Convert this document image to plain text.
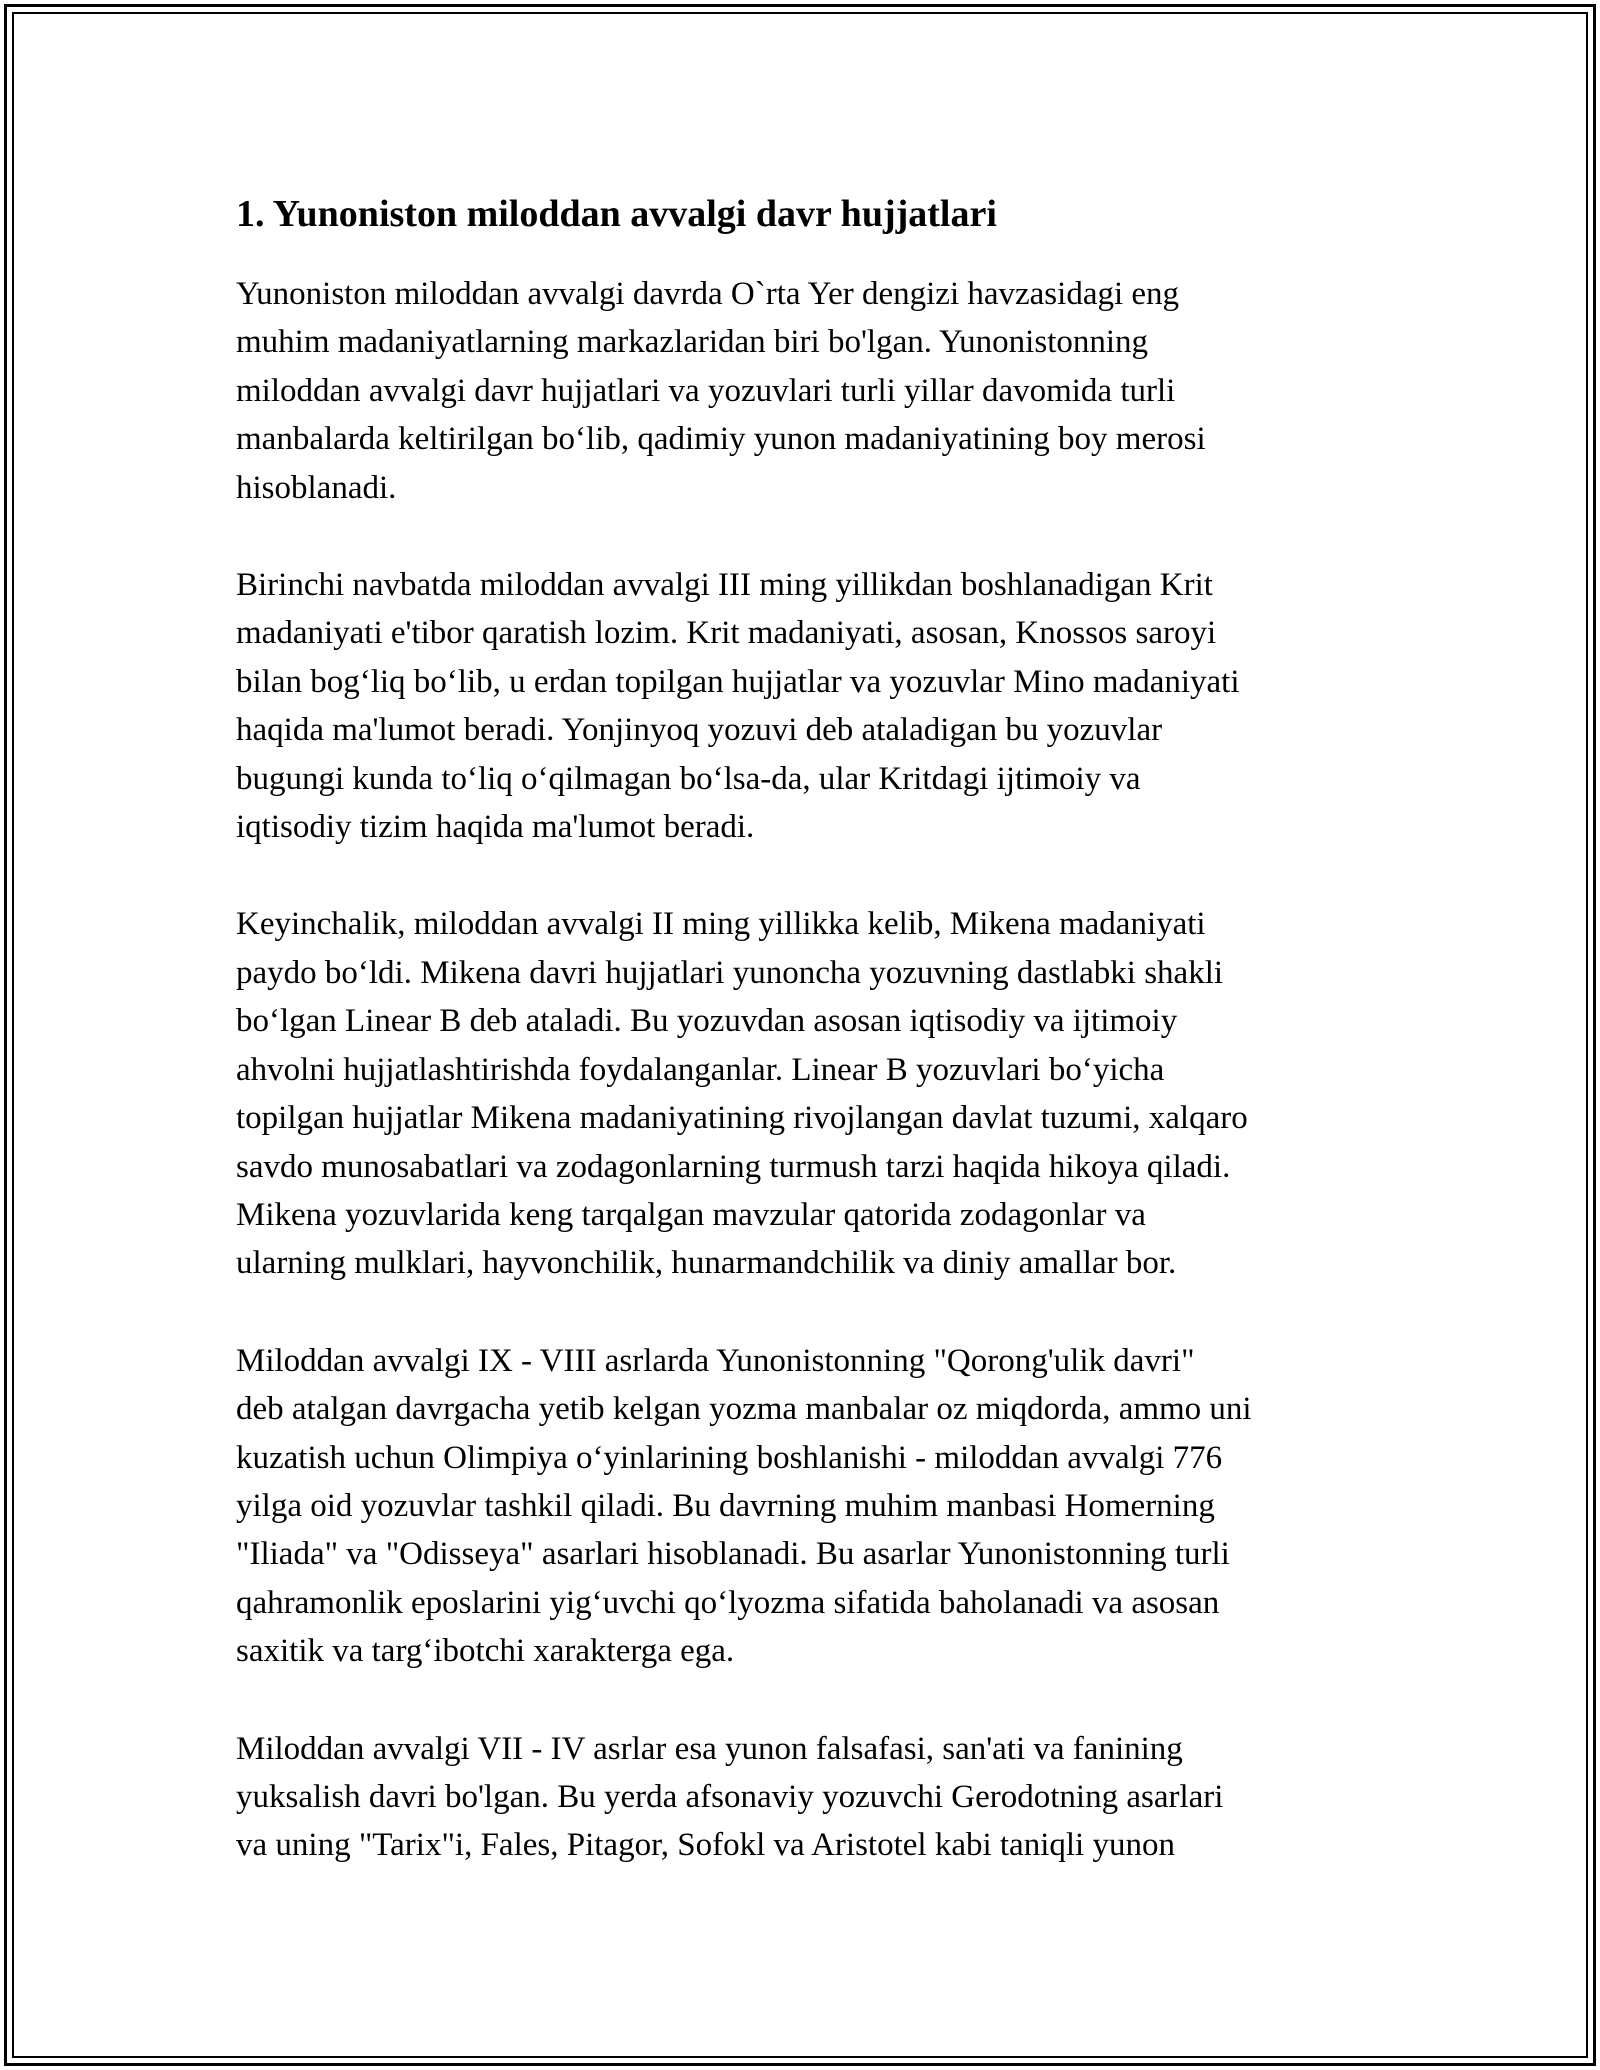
1. Yunoniston miloddan avvalgi davr hujjatlari

Yunoniston miloddan avvalgi davrda O`rta Yer dengizi havzasidagi eng
muhim madaniyatlarning markazlaridan biri bo'lgan. Yunonistonning
miloddan avvalgi davr hujjatlari va yozuvlari turli yillar davomida turli
manbalarda keltirilgan bo‘lib, qadimiy yunon madaniyatining boy merosi
hisoblanadi.

Birinchi navbatda miloddan avvalgi III ming yillikdan boshlanadigan Krit
madaniyati e'tibor qaratish lozim. Krit madaniyati, asosan, Knossos saroyi
bilan bog‘liq bo‘lib, u erdan topilgan hujjatlar va yozuvlar Mino madaniyati
haqida ma'lumot beradi. Yonjinyoq yozuvi deb ataladigan bu yozuvlar
bugungi kunda to‘liq o‘qilmagan bo‘lsa-da, ular Kritdagi ijtimoiy va
iqtisodiy tizim haqida ma'lumot beradi.

Keyinchalik, miloddan avvalgi II ming yillikka kelib, Mikena madaniyati
paydo bo‘ldi. Mikena davri hujjatlari yunoncha yozuvning dastlabki shakli
bo‘lgan Linear B deb ataladi. Bu yozuvdan asosan iqtisodiy va ijtimoiy
ahvolni hujjatlashtirishda foydalanganlar. Linear B yozuvlari bo‘yicha
topilgan hujjatlar Mikena madaniyatining rivojlangan davlat tuzumi, xalqaro
savdo munosabatlari va zodagonlarning turmush tarzi haqida hikoya qiladi.
Mikena yozuvlarida keng tarqalgan mavzular qatorida zodagonlar va
ularning mulklari, hayvonchilik, hunarmandchilik va diniy amallar bor.

Miloddan avvalgi IX - VIII asrlarda Yunonistonning "Qorong'ulik davri"
deb atalgan davrgacha yetib kelgan yozma manbalar oz miqdorda, ammo uni
kuzatish uchun Olimpiya o‘yinlarining boshlanishi - miloddan avvalgi 776
yilga oid yozuvlar tashkil qiladi. Bu davrning muhim manbasi Homerning
"Iliada" va "Odisseya" asarlari hisoblanadi. Bu asarlar Yunonistonning turli
qahramonlik eposlarini yig‘uvchi qo‘lyozma sifatida baholanadi va asosan
saxitik va targ‘ibotchi xarakterga ega.

Miloddan avvalgi VII - IV asrlar esa yunon falsafasi, san'ati va fanining
yuksalish davri bo'lgan. Bu yerda afsonaviy yozuvchi Gerodotning asarlari
va uning "Tarix"i, Fales, Pitagor, Sofokl va Aristotel kabi taniqli yunon
